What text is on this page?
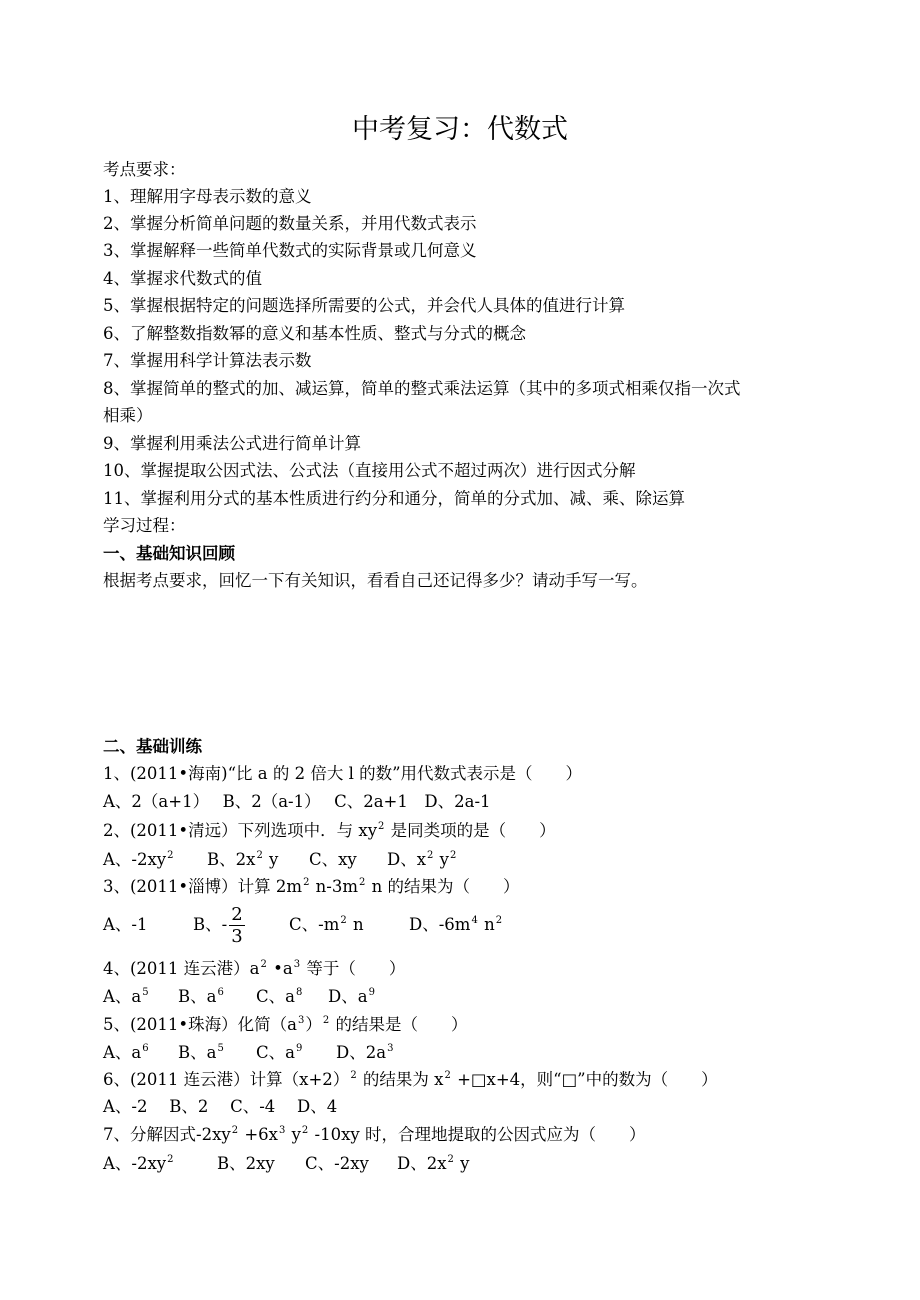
中考复习：代数式
考点要求：
1、理解用字母表示数的意义
2、掌握分析简单问题的数量关系，并用代数式表示
3、掌握解释一些简单代数式的实际背景或几何意义
4、掌握求代数式的值
5、掌握根据特定的问题选择所需要的公式，并会代人具体的值进行计算
6、了解整数指数幂的意义和基本性质、整式与分式的概念
7、掌握用科学计算法表示数
8、掌握简单的整式的加、减运算，简单的整式乘法运算（其中的多项式相乘仅指一次式
相乘）
9、掌握利用乘法公式进行简单计算
10、掌握提取公因式法、公式法（直接用公式不超过两次）进行因式分解
11、掌握利用分式的基本性质进行约分和通分，简单的分式加、减、乘、除运算
学习过程：
一、基础知识回顾
根据考点要求，回忆一下有关知识，看看自己还记得多少？请动手写一写。
二、基础训练
1、(2011•海南)“比 a 的 2 倍大 l 的数”用代数式表示是（　　）
A、2（a+1）　 B、2（a-1）　 C、2a+1　D、2a-1
2、(2011•清远）下列选项中．与 $xy^2$ 是同类项的是（　　）
A、$-2xy^2$ B、$2x^2$ y C、xy D、$x^2$ $y^2$
3、(2011•淄博）计算 $2m^2$ $n-3m^2$ n 的结果为（　　）
A、-1	B、- $\frac{2}{3}$	C、$-m^2$ n	D、$-6m^4$ $n^2$
4、(2011 连云港）$a^2$ $•a^3$ 等于（　　）
A、$a^5$ B、$a^6$ C、$a^8$ D、$a^9$
5、(2011•珠海）化简$(a^3)^2$ 的结果是（　　）
A、$a^6$ B、$a^5$ C、$a^9$ D、$2a^3$
6、(2011 连云港）计算$(x+2)^2$ 的结果为 $x^2$ +□x+4，则“□”中的数为（　　）
A、-2　 B、2　 C、-4　 D、4
7、分解因式$-2xy^2 +6x^3$ $y^2$ -10xy 时，合理地提取的公因式应为（　　）
A、$-2xy^2$	B、2xy C、-2xy D、$2x^2$ y
